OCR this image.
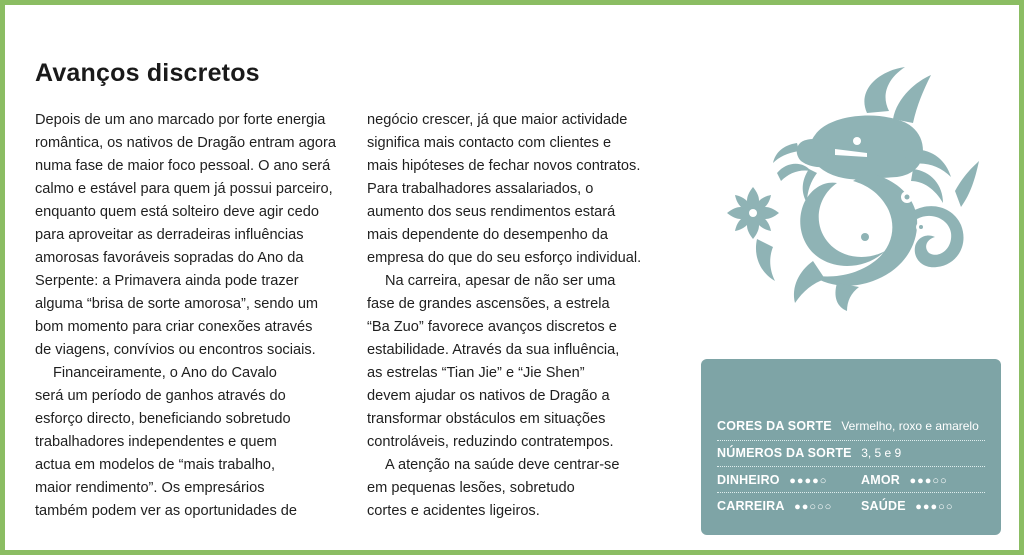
Avanços discretos
Depois de um ano marcado por forte energia
romântica, os nativos de Dragão entram agora
numa fase de maior foco pessoal. O ano será
calmo e estável para quem já possui parceiro,
enquanto quem está solteiro deve agir cedo
para aproveitar as derradeiras influências
amorosas favoráveis sopradas do Ano da
Serpente: a Primavera ainda pode trazer
alguma “brisa de sorte amorosa”, sendo um
bom momento para criar conexões através
de viagens, convívios ou encontros sociais.
Financeiramente, o Ano do Cavalo
será um período de ganhos através do
esforço directo, beneficiando sobretudo
trabalhadores independentes e quem
actua em modelos de “mais trabalho,
maior rendimento”. Os empresários
também podem ver as oportunidades de
negócio crescer, já que maior actividade
significa mais contacto com clientes e
mais hipóteses de fechar novos contratos.
Para trabalhadores assalariados, o
aumento dos seus rendimentos estará
mais dependente do desempenho da
empresa do que do seu esforço individual.
Na carreira, apesar de não ser uma
fase de grandes ascensões, a estrela
“Ba Zuo” favorece avanços discretos e
estabilidade. Através da sua influência,
as estrelas “Tian Jie” e “Jie Shen”
devem ajudar os nativos de Dragão a
transformar obstáculos em situações
controláveis, reduzindo contratempos.
A atenção na saúde deve centrar-se
em pequenas lesões, sobretudo
cortes e acidentes ligeiros.
CORES DA SORTE Vermelho, roxo e amarelo
NÚMEROS DA SORTE 3, 5 e 9
DINHEIRO ●●●●○	AMOR ●●●○○
CARREIRA ●●○○○ SAÚDE ●●●○○
